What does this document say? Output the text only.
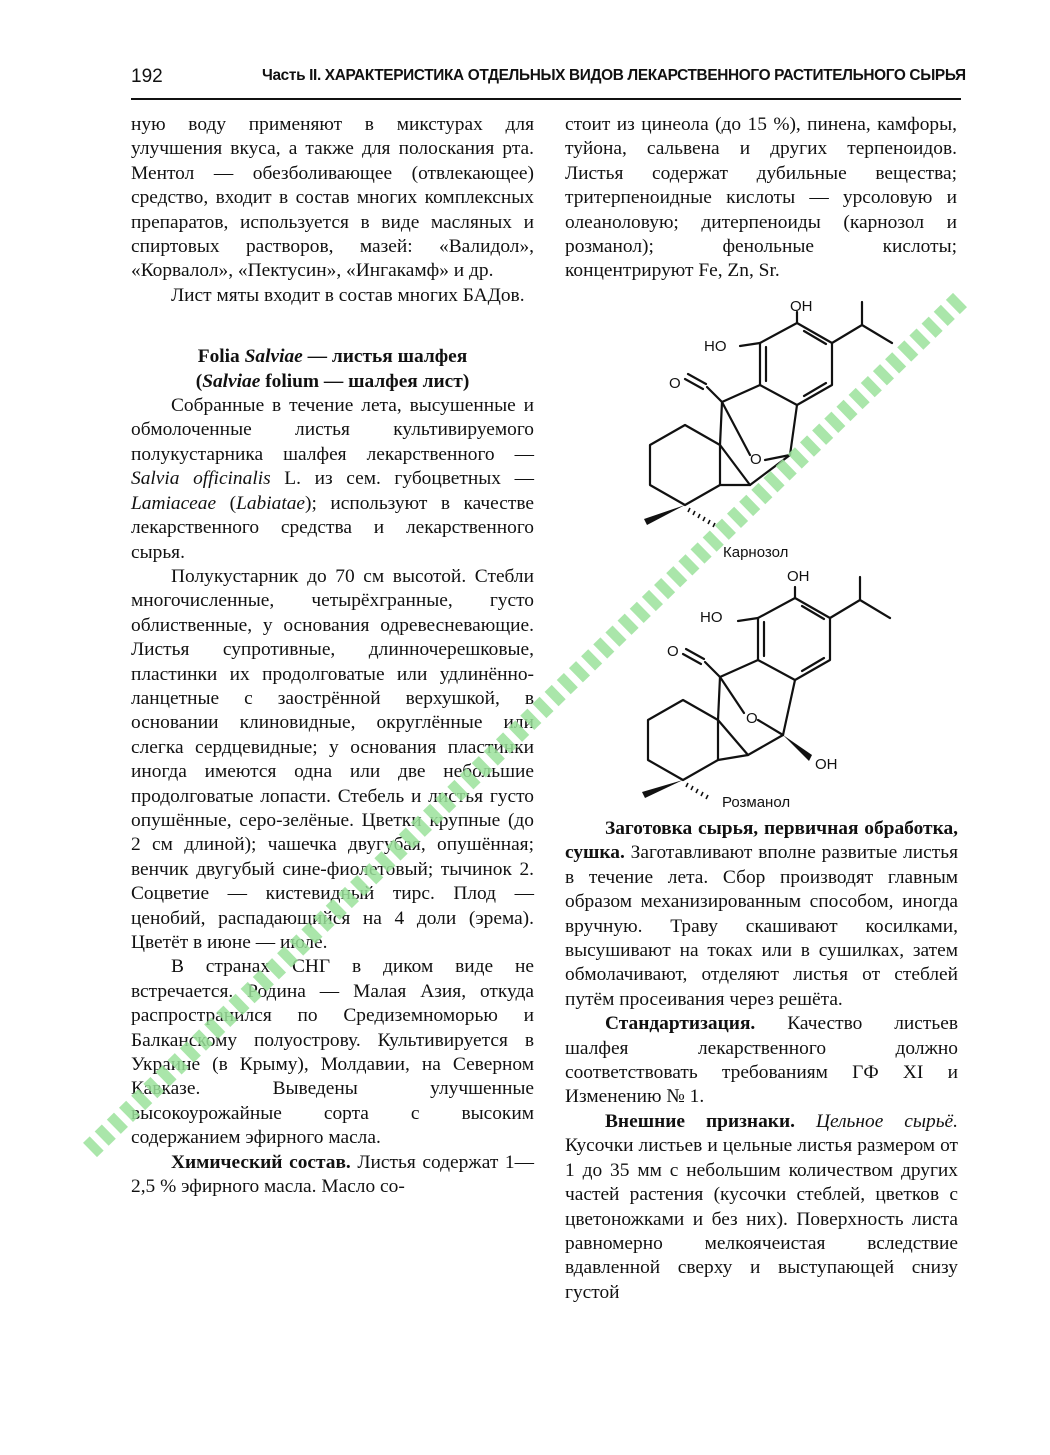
192	Часть II. ХАРАКТЕРИСТИКА ОТДЕЛЬНЫХ ВИДОВ ЛЕКАРСТВЕННОГО РАСТИТЕЛЬНОГО СЫРЬЯ

ную воду применяют в микстурах для улучшения вкуса, а также для полоскания рта. Ментол — обезболивающее (отвлекающее) средство, входит в состав многих комплексных препаратов, используется в виде масляных и спиртовых растворов, мазей: «Валидол», «Корвалол», «Пектусин», «Ингакамф» и др.

Лист мяты входит в состав многих БАДов.

Folia Salviae — листья шалфея
(Salviae folium — шалфея лист)

Собранные в течение лета, высушенные и обмолоченные листья культивируемого полукустарника шалфея лекарственного — Salvia officinalis L. из сем. губоцветных — Lamiaceae (Labiatae); используют в качестве лекарственного средства и лекарственного сырья.

Полукустарник до 70 см высотой. Стебли многочисленные, четырёхгранные, густо облиственные, у основания одревесневающие. Листья супротивные, длинночерешковые, пластинки их продолговатые или удлинённо-ланцетные с заострённой верхушкой, в основании клиновидные, округлённые или слегка сердцевидные; у основания пластинки иногда имеются одна или две небольшие продолговатые лопасти. Стебель и листья густо опушённые, серо-зелёные. Цветки крупные (до 2 см длиной); чашечка двугубая, опушённая; венчик двугубый сине-фиолетовый; тычинок 2. Соцветие — кистевидный тирс. Плод — ценобий, распадающийся на 4 доли (эрема). Цветёт в июне — июле.

В странах СНГ в диком виде не встречается. Родина — Малая Азия, откуда распространился по Средиземноморью и Балканскому полуострову. Культивируется в Украине (в Крыму), Молдавии, на Северном Кавказе. Выведены улучшенные высокоурожайные сорта с высоким содержанием эфирного масла.

Химический состав. Листья содержат 1—2,5 % эфирного масла. Масло со-

стоит из цинеола (до 15 %), пинена, камфоры, туйона, сальвена и других терпеноидов. Листья содержат дубильные вещества; тритерпеноидные кислоты — урсоловую и олеаноловую; дитерпеноиды (карнозол и розманол); фенольные кислоты; концентрируют Fe, Zn, Sr.

OH
HO
O
O
Карнозол
OH
HO
O
O
OH
Розманол

Заготовка сырья, первичная обработка, сушка. Заготавливают вполне развитые листья в течение лета. Сбор производят главным образом механизированным способом, иногда вручную. Траву скашивают косилками, высушивают на токах или в сушилках, затем обмолачивают, отделяют листья от стеблей путём просеивания через решёта.

Стандартизация. Качество листьев шалфея лекарственного должно соответствовать требованиям ГФ XI и Изменению № 1.

Внешние признаки. Цельное сырьё. Кусочки листьев и цельные листья размером от 1 до 35 мм с небольшим количеством других частей растения (кусочки стеблей, цветков с цветоножками и без них). Поверхность листа равномерно мелкоячеистая вследствие вдавленной сверху и выступающей снизу густой
